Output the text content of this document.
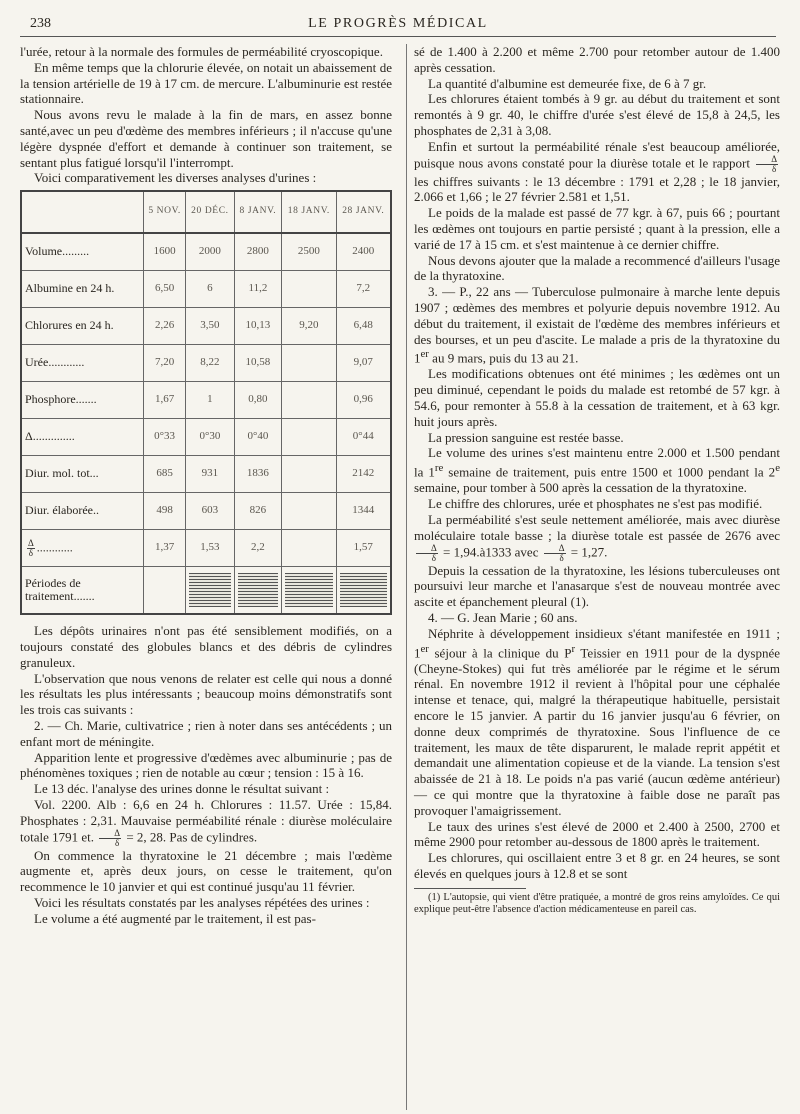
238	LE PROGRÈS MÉDICAL

l'urée, retour à la normale des formules de perméabilité cryoscopique.

En même temps que la chlorurie élevée, on notait un abaissement de la tension artérielle de 19 à 17 cm. de mercure. L'albuminurie est restée stationnaire.

Nous avons revu le malade à la fin de mars, en assez bonne santé,avec un peu d'œdème des membres inférieurs ; il n'accuse qu'une légère dyspnée d'effort et demande à continuer son traitement, se sentant plus fatigué lorsqu'il l'interrompt.

Voici comparativement les diverses analyses d'urines :

	5 NOV.	20 DÉC.	8 JANV.	18 JANV.	28 JANV.
Volume.........	1600	2000	2800	2500	2400
Albumine en 24 h.	6,50	6	11,2		7,2
Chlorures en 24 h.	2,26	3,50	10,13	9,20	6,48
Urée............	7,20	8,22	10,58		9,07
Phosphore.......	1,67	1	0,80		0,96
Δ..............	0°33	0°30	0°40		0°44
Diur. mol. tot...	685	931	1836		2142
Diur. élaborée..	498	603	826		1344

$\frac{\Delta}{\delta}$ ............	1,37	1,53	2,2		1,57
Périodes de traitement.......		

Les dépôts urinaires n'ont pas été sensiblement modifiés, on a toujours constaté des globules blancs et des débris de cylindres granuleux.

L'observation que nous venons de relater est celle qui nous a donné les résultats les plus intéressants ; beaucoup moins démonstratifs sont les trois cas suivants :

2. — Ch. Marie, cultivatrice ; rien à noter dans ses antécédents ; un enfant mort de méningite.

Apparition lente et progressive d'œdèmes avec albuminurie ; pas de phénomènes toxiques ; rien de notable au cœur ; tension : 15 à 16.

Le 13 déc. l'analyse des urines donne le résultat suivant :

Vol. 2200. Alb : 6,6 en 24 h. Chlorures : 11.57. Urée : 15,84. Phosphates : 2,31. Mauvaise perméabilité rénale : diurèse moléculaire totale 1791 et. $\frac{\Delta}{\delta} = 2$, 28. Pas de cylindres.

On commence la thyratoxine le 21 décembre ; mais l'œdème augmente et, après deux jours, on cesse le traitement, qu'on recommence le 10 janvier et qui est continué jusqu'au 11 février.

Voici les résultats constatés par les analyses répétées des urines :

Le volume a été augmenté par le traitement, il est pas-

sé de 1.400 à 2.200 et même 2.700 pour retomber autour de 1.400 après cessation.

La quantité d'albumine est demeurée fixe, de 6 à 7 gr.

Les chlorures étaient tombés à 9 gr. au début du traitement et sont remontés à 9 gr. 40, le chiffre d'urée s'est élevé de 15,8 à 24,5, les phosphates de 2,31 à 3,08.

Enfin et surtout la perméabilité rénale s'est beaucoup améliorée, puisque nous avons constaté pour la diurèse totale et le rapport $\frac{\Delta}{\delta}$
les chiffres suivants : le 13 décembre : 1791 et 2,28 ; le 18 janvier, 2.066 et 1,66 ; le 27 février 2.581 et 1,51.

Le poids de la malade est passé de 77 kgr. à 67, puis 66 ; pourtant les œdèmes ont toujours en partie persisté ; quant à la pression, elle a varié de 17 à 15 cm. et s'est maintenue à ce dernier chiffre.

Nous devons ajouter que la malade a recommencé d'ailleurs l'usage de la thyratoxine.

3. — P., 22 ans — Tuberculose pulmonaire à marche lente depuis 1907 ; œdèmes des membres et polyurie depuis novembre 1912. Au début du traitement, il existait de l'œdème des membres inférieurs et des bourses, et un peu d'ascite. Le malade a pris de la thyratoxine du 1er au 9 mars, puis du 13 au 21.

Les modifications obtenues ont été minimes ; les œdèmes ont un peu diminué, cependant le poids du malade est retombé de 57 kgr. à 54.6, pour remonter à 55.8 à la cessation de traitement, et à 63 kgr. huit jours après.

La pression sanguine est restée basse.

Le volume des urines s'est maintenu entre 2.000 et 1.500 pendant la 1re semaine de traitement, puis entre 1500 et 1000 pendant la 2e semaine, pour tomber à 500 après la cessation de la thyratoxine.

Le chiffre des chlorures, urée et phosphates ne s'est pas modifié.

La perméabilité s'est seule nettement améliorée, mais avec diurèse moléculaire totale basse ; la diurèse totale est passée de 2676 avec
$\frac{\Delta}{\delta}$ = 1,94.à1333 avec $\frac{\Delta}{\delta} = 1,27$.

Depuis la cessation de la thyratoxine, les lésions tuberculeuses ont poursuivi leur marche et l'anasarque s'est de nouveau montrée avec ascite et épanchement pleural (1).

4. — G. Jean Marie ; 60 ans.

Néphrite à développement insidieux s'étant manifestée en 1911 ; 1er séjour à la clinique du $P^r$ Teissier en 1911 pour de la dyspnée (Cheyne-Stokes) qui fut très améliorée par le régime et le sérum rénal. En novembre 1912 il revient à l'hôpital pour une céphalée intense et tenace, qui, malgré la thérapeutique habituelle, persistait encore le 15 janvier. A partir du 16 janvier jusqu'au 6 février, on donne deux comprimés de thyratoxine. Sous l'influence de ce traitement, les maux de tête disparurent, le malade reprit appétit et demandait une alimentation copieuse et de la viande. La tension s'est abaissée de 21 à 18. Le poids n'a pas varié (aucun œdème antérieur) — ce qui montre que la thyratoxine à faible dose ne paraît pas provoquer l'amaigrissement.

Le taux des urines s'est élevé de 2000 et 2.400 à 2500, 2700 et même 2900 pour retomber au-dessous de 1800 après le traitement.

Les chlorures, qui oscillaient entre 3 et 8 gr. en 24 heures, se sont élevés en quelques jours à 12.8 et se sont

(1) L'autopsie, qui vient d'être pratiquée, a montré de gros reins amyloïdes. Ce qui explique peut-être l'absence d'action médicamenteuse en pareil cas.
